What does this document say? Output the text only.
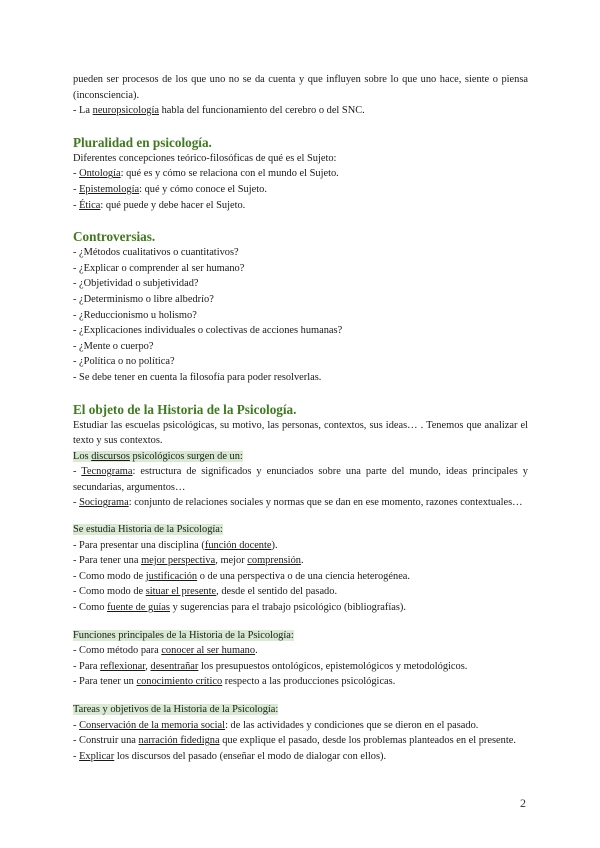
pueden ser procesos de los que uno no se da cuenta y que influyen sobre lo que uno hace, siente o piensa (inconsciencia).

- La neuropsicología habla del funcionamiento del cerebro o del SNC.

Pluralidad en psicología.

Diferentes concepciones teórico-filosóficas de qué es el Sujeto:

- Ontología: qué es y cómo se relaciona con el mundo el Sujeto.

- Epistemología: qué y cómo conoce el Sujeto.

- Ética: qué puede y debe hacer el Sujeto.

Controversias.

- ¿Métodos cualitativos o cuantitativos?

- ¿Explicar o comprender al ser humano?

- ¿Objetividad o subjetividad?

- ¿Determinismo o libre albedrío?

- ¿Reduccionismo u holismo?

- ¿Explicaciones individuales o colectivas de acciones humanas?

- ¿Mente o cuerpo?

- ¿Política o no política?

- Se debe tener en cuenta la filosofía para poder resolverlas.

El objeto de la Historia de la Psicología.

Estudiar las escuelas psicológicas, su motivo, las personas, contextos, sus ideas… . Tenemos que analizar el texto y sus contextos.

Los discursos psicológicos surgen de un:

- Tecnograma: estructura de significados y enunciados sobre una parte del mundo, ideas principales y secundarias, argumentos…

- Sociograma: conjunto de relaciones sociales y normas que se dan en ese momento, razones contextuales…

Se estudia Historia de la Psicología:

- Para presentar una disciplina (función docente).

- Para tener una mejor perspectiva, mejor comprensión.

- Como modo de justificación o de una perspectiva o de una ciencia heterogénea.

- Como modo de situar el presente, desde el sentido del pasado.

- Como fuente de guías y sugerencias para el trabajo psicológico (bibliografías).

Funciones principales de la Historia de la Psicología:

- Como método para conocer al ser humano.

- Para reflexionar, desentrañar los presupuestos ontológicos, epistemológicos y metodológicos.

- Para tener un conocimiento crítico respecto a las producciones psicológicas.

Tareas y objetivos de la Historia de la Psicología:

- Conservación de la memoria social: de las actividades y condiciones que se dieron en el pasado.

- Construir una narración fidedigna que explique el pasado, desde los problemas planteados en el presente.

- Explicar los discursos del pasado (enseñar el modo de dialogar con ellos).

2
